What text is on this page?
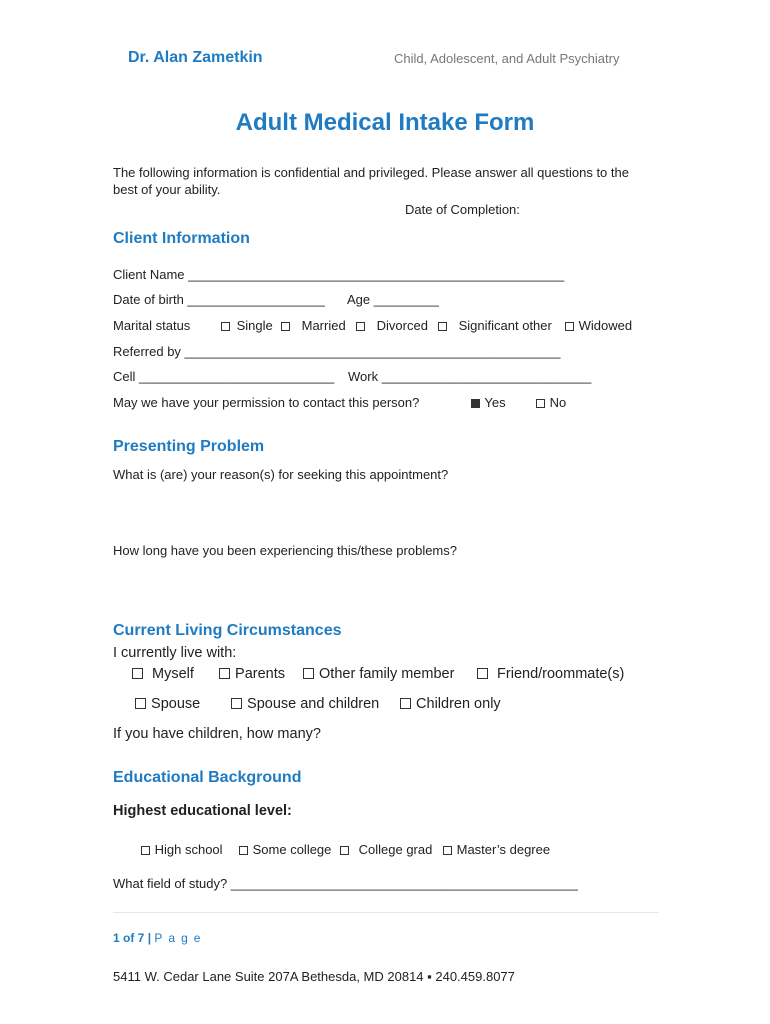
Dr. Alan Zametkin	Child, Adolescent, and Adult Psychiatry
Adult Medical Intake Form
The following information is confidential and privileged. Please answer all questions to the best of your ability.
Date of Completion:
Client Information
Client Name ____________________________________________________
Date of birth ___________________ Age _________
Marital status	Single	Married	Divorced	Significant other	Widowed
Referred by ____________________________________________________
Cell ___________________________ Work _____________________________
May we have your permission to contact this person?	Yes	No
Presenting Problem
What is (are) your reason(s) for seeking this appointment?
How long have you been experiencing this/these problems?
Current Living Circumstances
I currently live with:
Myself	Parents	Other family member	Friend/roommate(s)
Spouse	Spouse and children	Children only
If you have children, how many?
Educational Background
Highest educational level:
High school	Some college	College grad	Master’s degree
What field of study? ________________________________________________
1 of 7 | Page
5411 W. Cedar Lane Suite 207A Bethesda, MD 20814 ▪ 240.459.8077
